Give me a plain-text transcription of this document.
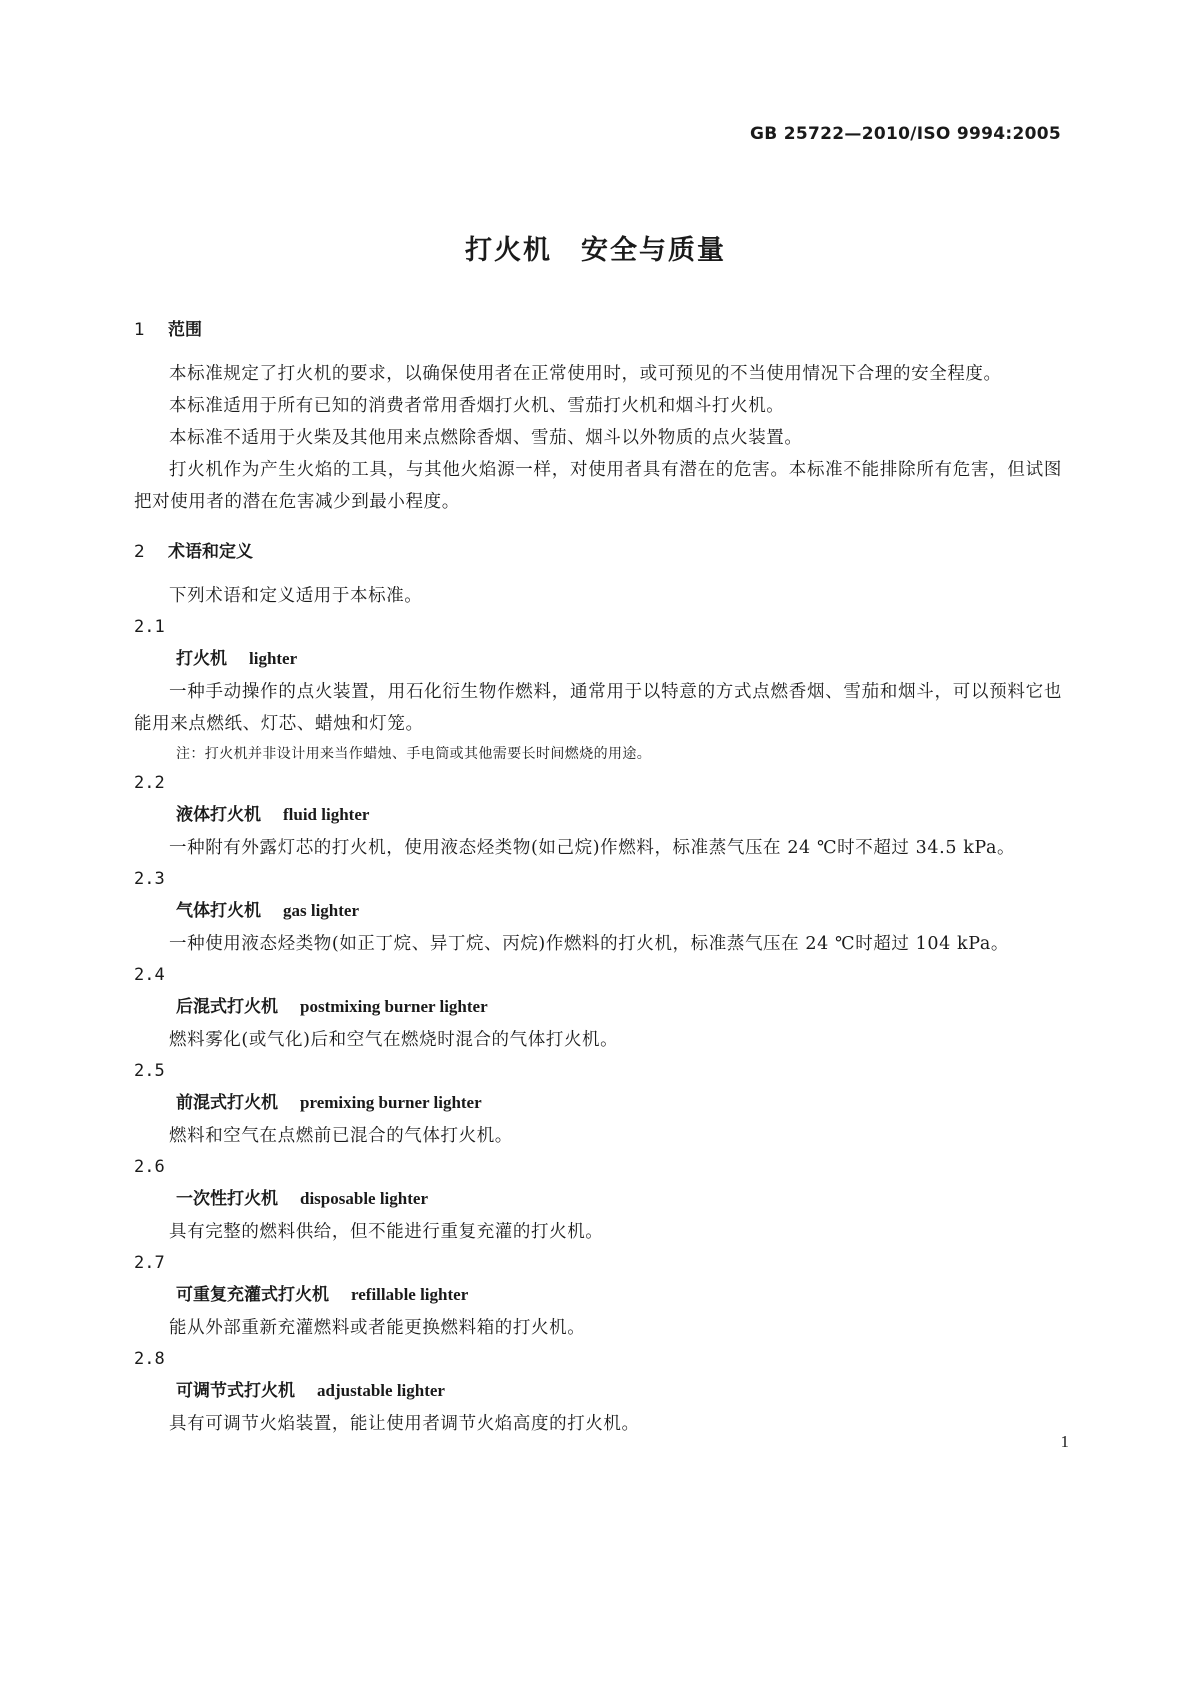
GB 25722—2010/ISO 9994:2005
打火机　安全与质量
1 范围

本标准规定了打火机的要求，以确保使用者在正常使用时，或可预见的不当使用情况下合理的安全程度。

本标准适用于所有已知的消费者常用香烟打火机、雪茄打火机和烟斗打火机。

本标准不适用于火柴及其他用来点燃除香烟、雪茄、烟斗以外物质的点火装置。

打火机作为产生火焰的工具，与其他火焰源一样，对使用者具有潜在的危害。本标准不能排除所有危害，但试图把对使用者的潜在危害减少到最小程度。

2 术语和定义

下列术语和定义适用于本标准。

2.1
打火机 lighter

一种手动操作的点火装置，用石化衍生物作燃料，通常用于以特意的方式点燃香烟、雪茄和烟斗，可以预料它也能用来点燃纸、灯芯、蜡烛和灯笼。

注：打火机并非设计用来当作蜡烛、手电筒或其他需要长时间燃烧的用途。
2.2
液体打火机 fluid lighter

一种附有外露灯芯的打火机，使用液态烃类物(如己烷)作燃料，标准蒸气压在 24 ℃时不超过 34.5 kPa。

2.3
气体打火机 gas lighter

一种使用液态烃类物(如正丁烷、异丁烷、丙烷)作燃料的打火机，标准蒸气压在 24 ℃时超过 104 kPa。

2.4
后混式打火机 postmixing burner lighter

燃料雾化(或气化)后和空气在燃烧时混合的气体打火机。

2.5
前混式打火机 premixing burner lighter

燃料和空气在点燃前已混合的气体打火机。

2.6
一次性打火机 disposable lighter

具有完整的燃料供给，但不能进行重复充灌的打火机。

2.7
可重复充灌式打火机 refillable lighter

能从外部重新充灌燃料或者能更换燃料箱的打火机。

2.8
可调节式打火机 adjustable lighter

具有可调节火焰装置，能让使用者调节火焰高度的打火机。

1
